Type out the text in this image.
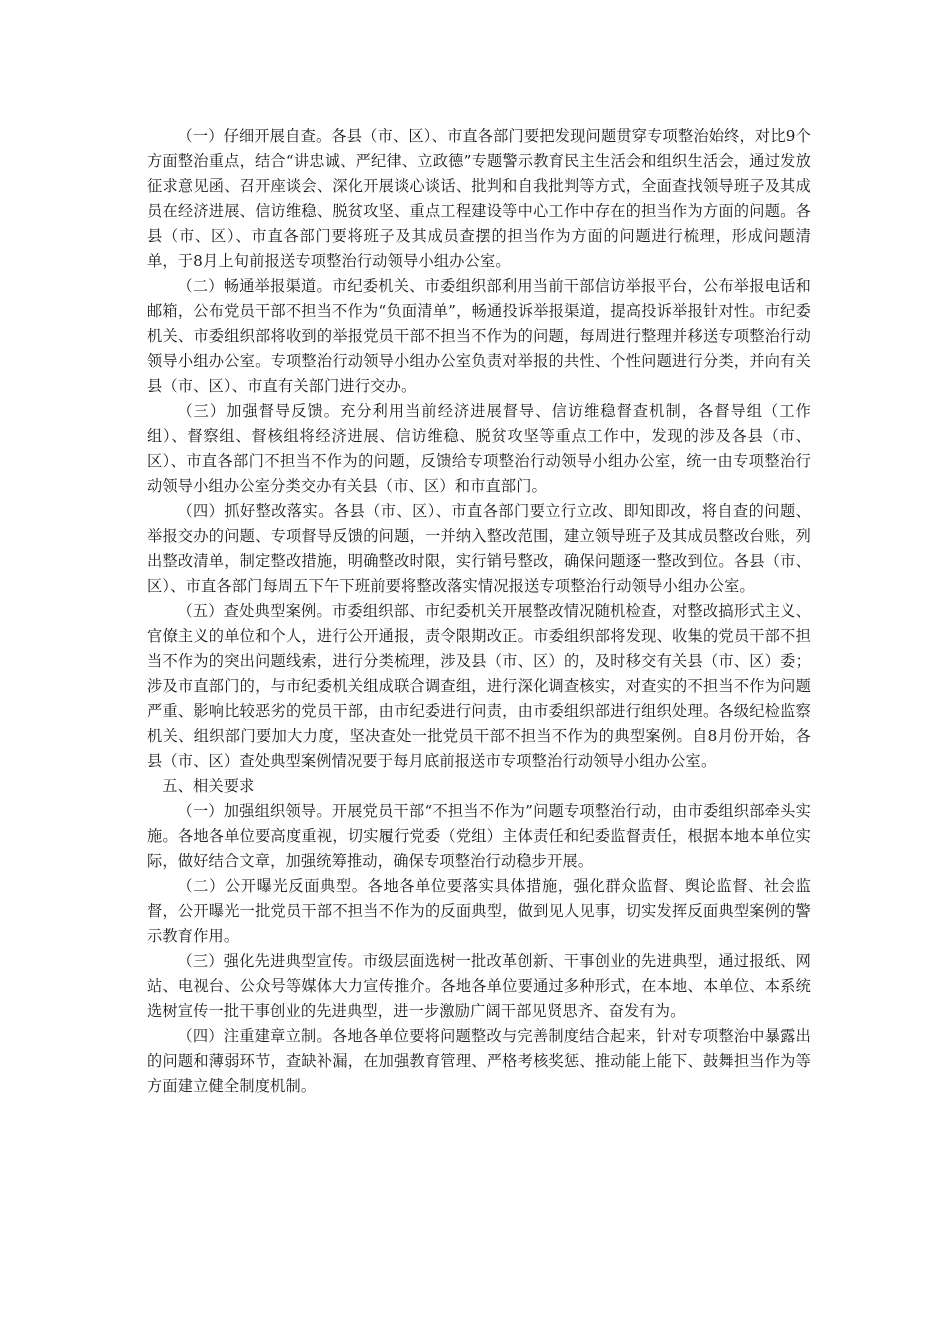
（一）仔细开展自查。各县（市、区）、市直各部门要把发现问题贯穿专项整治始终，对比9个方面整治重点，结合“讲忠诚、严纪律、立政德”专题警示教育民主生活会和组织生活会，通过发放征求意见函、召开座谈会、深化开展谈心谈话、批判和自我批判等方式，全面查找领导班子及其成员在经济进展、信访维稳、脱贫攻坚、重点工程建设等中心工作中存在的担当作为方面的问题。各县（市、区）、市直各部门要将班子及其成员查摆的担当作为方面的问题进行梳理，形成问题清单，于8月上旬前报送专项整治行动领导小组办公室。

（二）畅通举报渠道。市纪委机关、市委组织部利用当前干部信访举报平台，公布举报电话和邮箱，公布党员干部不担当不作为“负面清单”，畅通投诉举报渠道，提高投诉举报针对性。市纪委机关、市委组织部将收到的举报党员干部不担当不作为的问题，每周进行整理并移送专项整治行动领导小组办公室。专项整治行动领导小组办公室负责对举报的共性、个性问题进行分类，并向有关县（市、区）、市直有关部门进行交办。

（三）加强督导反馈。充分利用当前经济进展督导、信访维稳督查机制，各督导组（工作组）、督察组、督核组将经济进展、信访维稳、脱贫攻坚等重点工作中，发现的涉及各县（市、区）、市直各部门不担当不作为的问题，反馈给专项整治行动领导小组办公室，统一由专项整治行动领导小组办公室分类交办有关县（市、区）和市直部门。

（四）抓好整改落实。各县（市、区）、市直各部门要立行立改、即知即改，将自查的问题、举报交办的问题、专项督导反馈的问题，一并纳入整改范围，建立领导班子及其成员整改台账，列出整改清单，制定整改措施，明确整改时限，实行销号整改，确保问题逐一整改到位。各县（市、区）、市直各部门每周五下午下班前要将整改落实情况报送专项整治行动领导小组办公室。

（五）查处典型案例。市委组织部、市纪委机关开展整改情况随机检查，对整改搞形式主义、官僚主义的单位和个人，进行公开通报，责令限期改正。市委组织部将发现、收集的党员干部不担当不作为的突出问题线索，进行分类梳理，涉及县（市、区）的，及时移交有关县（市、区）委；涉及市直部门的，与市纪委机关组成联合调查组，进行深化调查核实，对查实的不担当不作为问题严重、影响比较恶劣的党员干部，由市纪委进行问责，由市委组织部进行组织处理。各级纪检监察机关、组织部门要加大力度，坚决查处一批党员干部不担当不作为的典型案例。自8月份开始，各县（市、区）查处典型案例情况要于每月底前报送市专项整治行动领导小组办公室。

五、相关要求

（一）加强组织领导。开展党员干部“不担当不作为”问题专项整治行动，由市委组织部牵头实施。各地各单位要高度重视，切实履行党委（党组）主体责任和纪委监督责任，根据本地本单位实际，做好结合文章，加强统筹推动，确保专项整治行动稳步开展。

（二）公开曝光反面典型。各地各单位要落实具体措施，强化群众监督、舆论监督、社会监督，公开曝光一批党员干部不担当不作为的反面典型，做到见人见事，切实发挥反面典型案例的警示教育作用。

（三）强化先进典型宣传。市级层面选树一批改革创新、干事创业的先进典型，通过报纸、网站、电视台、公众号等媒体大力宣传推介。各地各单位要通过多种形式，在本地、本单位、本系统选树宣传一批干事创业的先进典型，进一步激励广阔干部见贤思齐、奋发有为。

（四）注重建章立制。各地各单位要将问题整改与完善制度结合起来，针对专项整治中暴露出的问题和薄弱环节，查缺补漏，在加强教育管理、严格考核奖惩、推动能上能下、鼓舞担当作为等方面建立健全制度机制。
